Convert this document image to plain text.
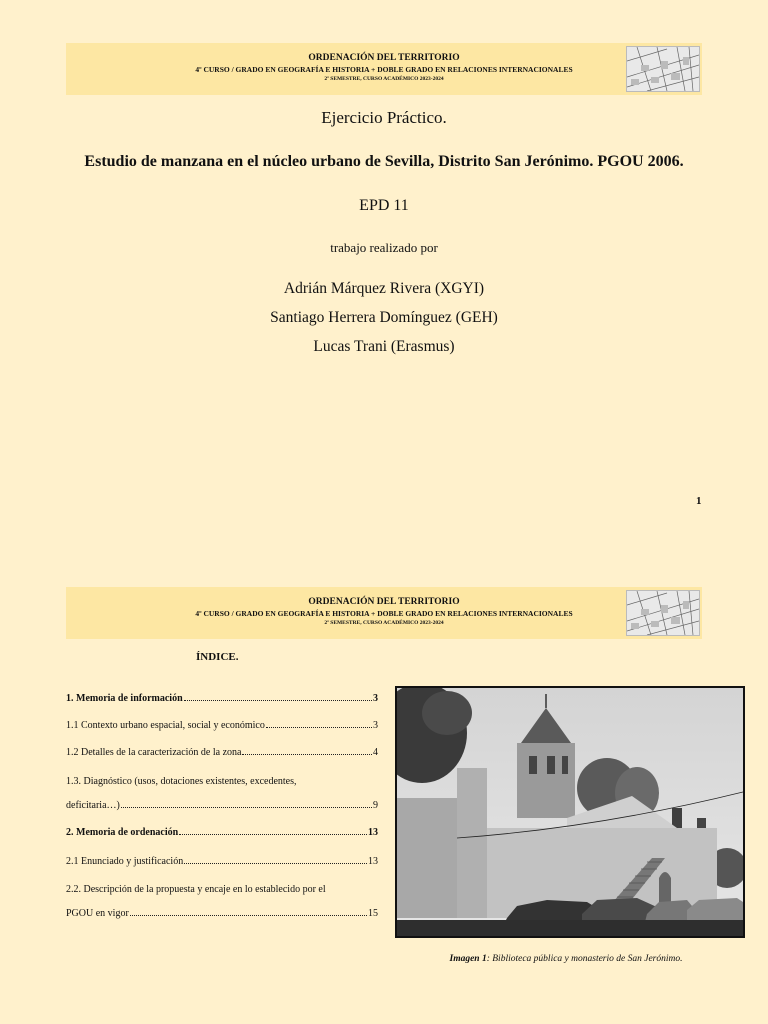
ORDENACIÓN DEL TERRITORIO
4º CURSO / GRADO EN GEOGRAFÍA E HISTORIA + DOBLE GRADO EN RELACIONES INTERNACIONALES
2º SEMESTRE, CURSO ACADÉMICO 2023-2024
Ejercicio Práctico.
Estudio de manzana en el núcleo urbano de Sevilla, Distrito San Jerónimo. PGOU 2006.
EPD 11
trabajo realizado por
Adrián Márquez Rivera (XGYI)
Santiago Herrera Domínguez (GEH)
Lucas Trani (Erasmus)
1
ORDENACIÓN DEL TERRITORIO
4º CURSO / GRADO EN GEOGRAFÍA E HISTORIA + DOBLE GRADO EN RELACIONES INTERNACIONALES
2º SEMESTRE, CURSO ACADÉMICO 2023-2024
ÍNDICE.
1. Memoria de información	3
1.1 Contexto urbano espacial, social y económico	3
1.2 Detalles de la caracterización de la zona	4
1.3. Diagnóstico (usos, dotaciones existentes, excedentes,
deficitaria…)	9
2. Memoria de ordenación	13
2.1 Enunciado y justificación	13
2.2. Descripción de la propuesta y encaje en lo establecido por el
PGOU en vigor	15
Imagen 1: Biblioteca pública y monasterio de San Jerónimo.
